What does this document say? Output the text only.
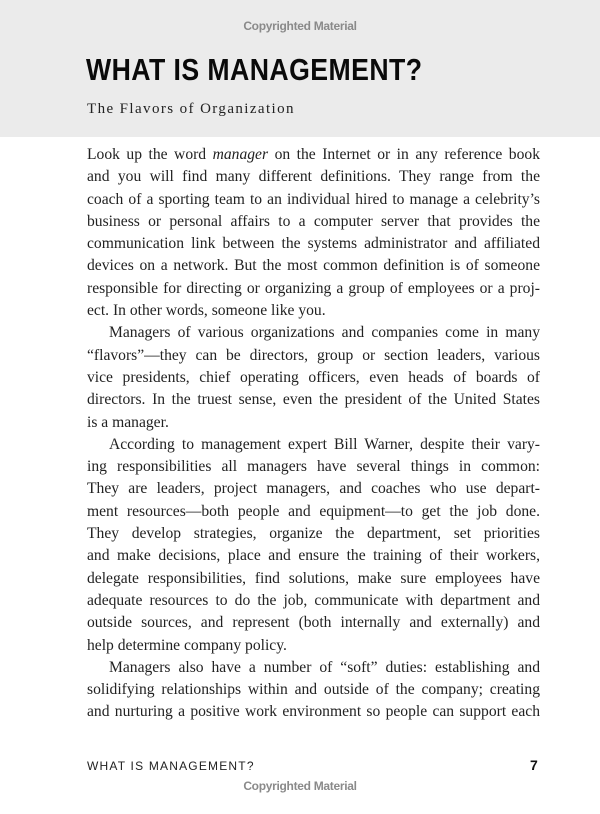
Copyrighted Material
WHAT IS MANAGEMENT?
The Flavors of Organization
Look up the word manager on the Internet or in any reference book
and you will find many different definitions. They range from the
coach of a sporting team to an individual hired to manage a celebrity’s
business or personal affairs to a computer server that provides the
communication link between the systems administrator and affiliated
devices on a network. But the most common definition is of someone
responsible for directing or organizing a group of employees or a proj-
ect. In other words, someone like you.
Managers of various organizations and companies come in many
“flavors”—they can be directors, group or section leaders, various
vice presidents, chief operating officers, even heads of boards of
directors. In the truest sense, even the president of the United States
is a manager.
According to management expert Bill Warner, despite their vary-
ing responsibilities all managers have several things in common:
They are leaders, project managers, and coaches who use depart-
ment resources—both people and equipment—to get the job done.
They develop strategies, organize the department, set priorities
and make decisions, place and ensure the training of their workers,
delegate responsibilities, find solutions, make sure employees have
adequate resources to do the job, communicate with department and
outside sources, and represent (both internally and externally) and
help determine company policy.
Managers also have a number of “soft” duties: establishing and
solidifying relationships within and outside of the company; creating
and nurturing a positive work environment so people can support each
WHAT IS MANAGEMENT?	7
Copyrighted Material
